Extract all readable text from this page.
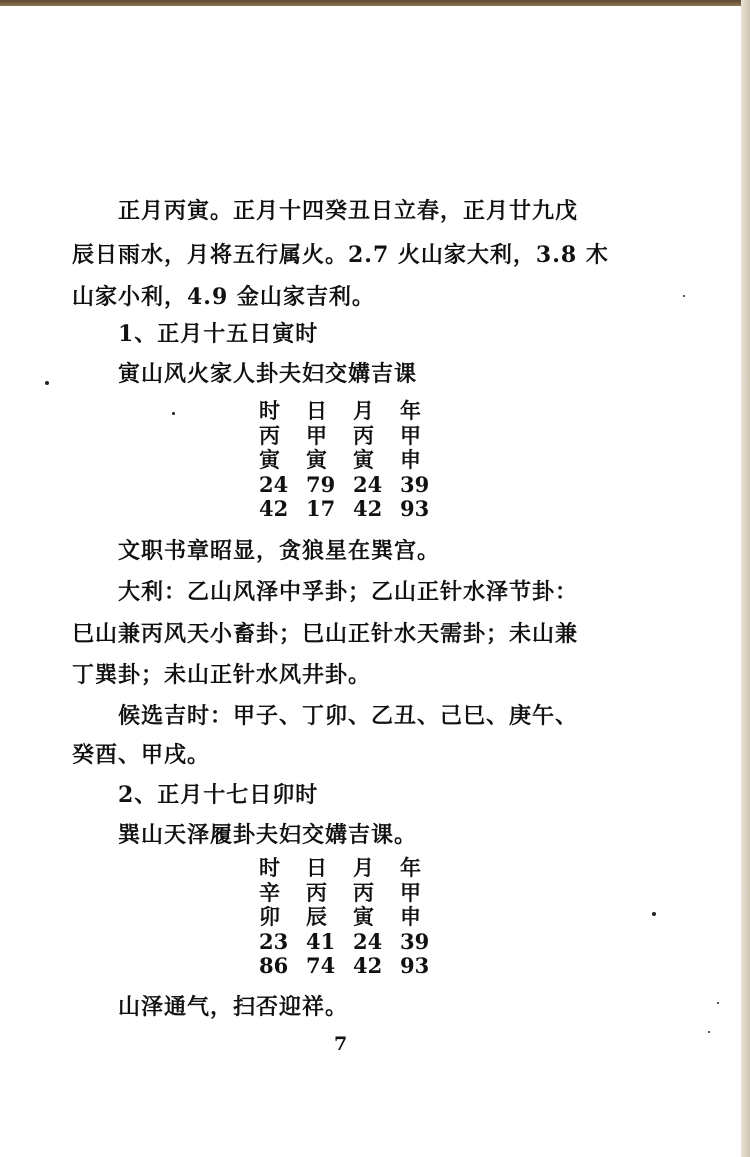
正月丙寅。正月十四癸丑日立春，正月廿九戊
辰日雨水，月将五行属火。2.7 火山家大利，3.8 木
山家小利，4.9 金山家吉利。
1、正月十五日寅时
寅山风火家人卦夫妇交媾吉课
时	日	月	年
丙	甲	丙	甲
寅	寅	寅	申
24	79	24	39
42	17	42	93
文职书章昭显，贪狼星在巽宫。
大利：乙山风泽中孚卦；乙山正针水泽节卦：
巳山兼丙风天小畜卦；巳山正针水天需卦；未山兼
丁巽卦；未山正针水风井卦。
候选吉时：甲子、丁卯、乙丑、己巳、庚午、
癸酉、甲戌。
2、正月十七日卯时
巽山天泽履卦夫妇交媾吉课。
时	日	月	年
辛	丙	丙	甲
卯	辰	寅	申
23	41	24	39
86	74	42	93
山泽通气，扫否迎祥。
7
